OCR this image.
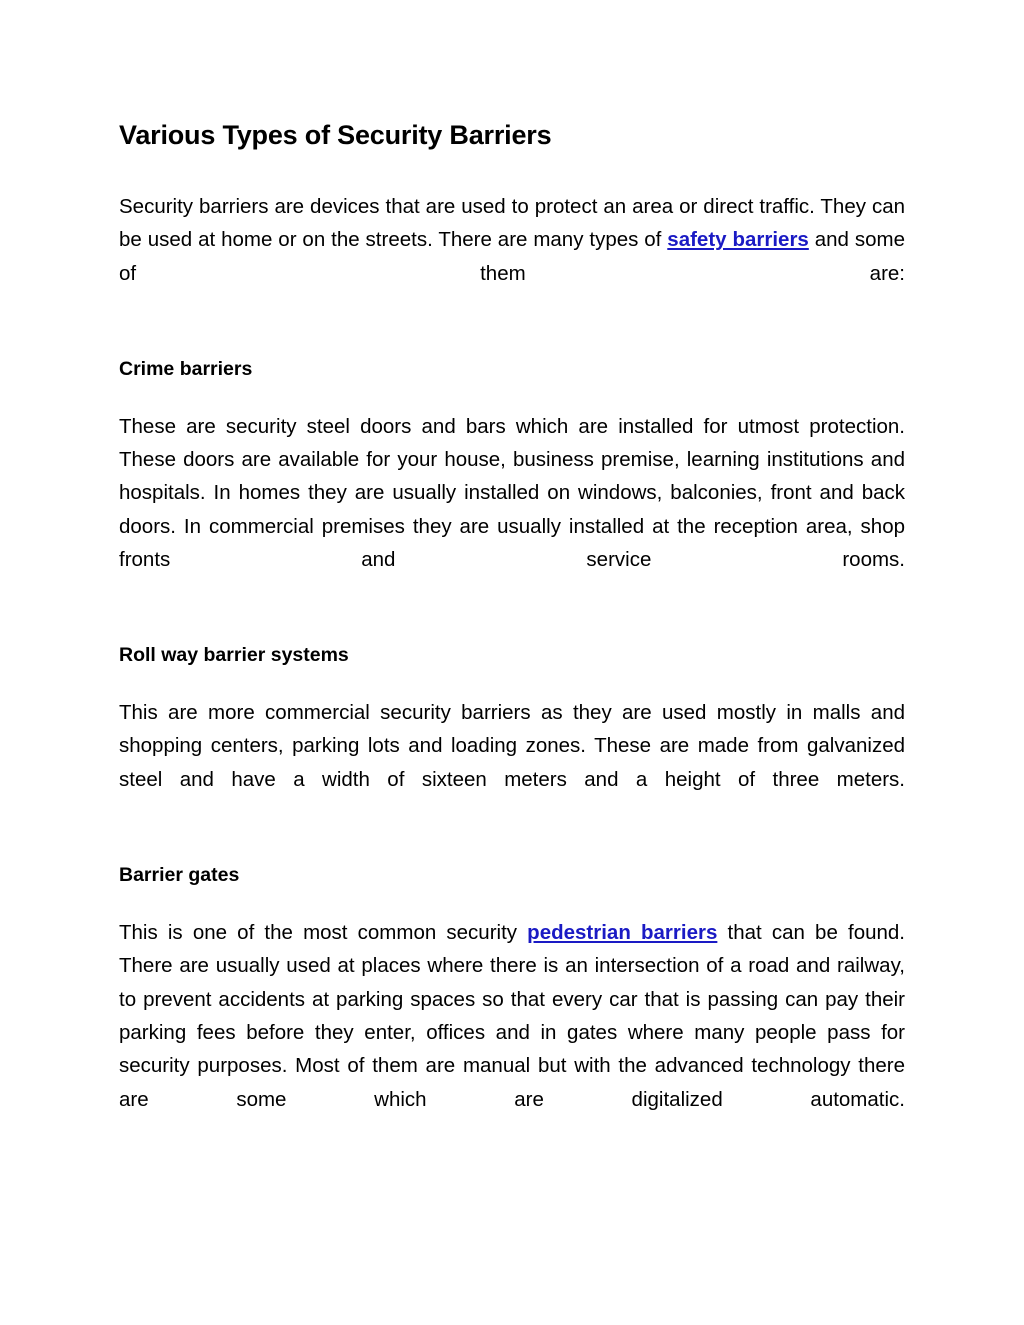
Various Types of Security Barriers

Security barriers are devices that are used to protect an area or direct traffic. They can be used at home or on the streets. There are many types of safety barriers and some of them are:

Crime barriers

These are security steel doors and bars which are installed for utmost protection. These doors are available for your house, business premise, learning institutions and hospitals. In homes they are usually installed on windows, balconies, front and back doors. In commercial premises they are usually installed at the reception area, shop fronts and service rooms.

Roll way barrier systems

This are more commercial security barriers as they are used mostly in malls and shopping centers, parking lots and loading zones. These are made from galvanized steel and have a width of sixteen meters and a height of three meters.

Barrier gates

This is one of the most common security pedestrian barriers that can be found. There are usually used at places where there is an intersection of a road and railway, to prevent accidents at parking spaces so that every car that is passing can pay their parking fees before they enter, offices and in gates where many people pass for security purposes. Most of them are manual but with the advanced technology there are some which are digitalized automatic.
